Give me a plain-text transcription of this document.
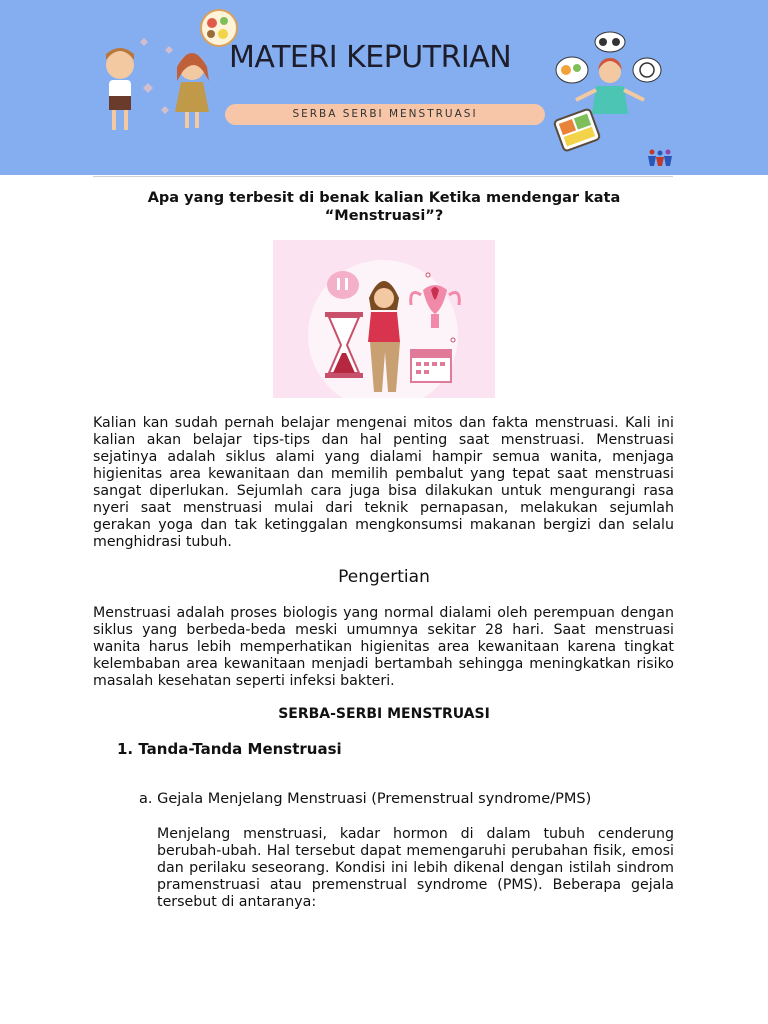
MATERI KEPUTRIAN
SERBA SERBI MENSTRUASI
Apa yang terbesit di benak kalian Ketika mendengar kata “Menstruasi”?

Kalian kan sudah pernah belajar mengenai mitos dan fakta menstruasi. Kali ini kalian akan belajar tips-tips dan hal penting saat menstruasi. Menstruasi sejatinya adalah siklus alami yang dialami hampir semua wanita, menjaga higienitas area kewanitaan dan memilih pembalut yang tepat saat menstruasi sangat diperlukan. Sejumlah cara juga bisa dilakukan untuk mengurangi rasa nyeri saat menstruasi mulai dari teknik pernapasan, melakukan sejumlah gerakan yoga dan tak ketinggalan mengkonsumsi makanan bergizi dan selalu menghidrasi tubuh.

Pengertian

Menstruasi adalah proses biologis yang normal dialami oleh perempuan dengan siklus yang berbeda-beda meski umumnya sekitar 28 hari. Saat menstruasi wanita harus lebih memperhatikan higienitas area kewanitaan karena tingkat kelembaban area kewanitaan menjadi bertambah sehingga meningkatkan risiko masalah kesehatan seperti infeksi bakteri.

SERBA-SERBI MENSTRUASI
1. Tanda-Tanda Menstruasi
a. Gejala Menjelang Menstruasi (Premenstrual syndrome/PMS)

Menjelang menstruasi, kadar hormon di dalam tubuh cenderung berubah-ubah. Hal tersebut dapat memengaruhi perubahan fisik, emosi dan perilaku seseorang. Kondisi ini lebih dikenal dengan istilah sindrom pramenstruasi atau premenstrual syndrome (PMS). Beberapa gejala tersebut di antaranya:
